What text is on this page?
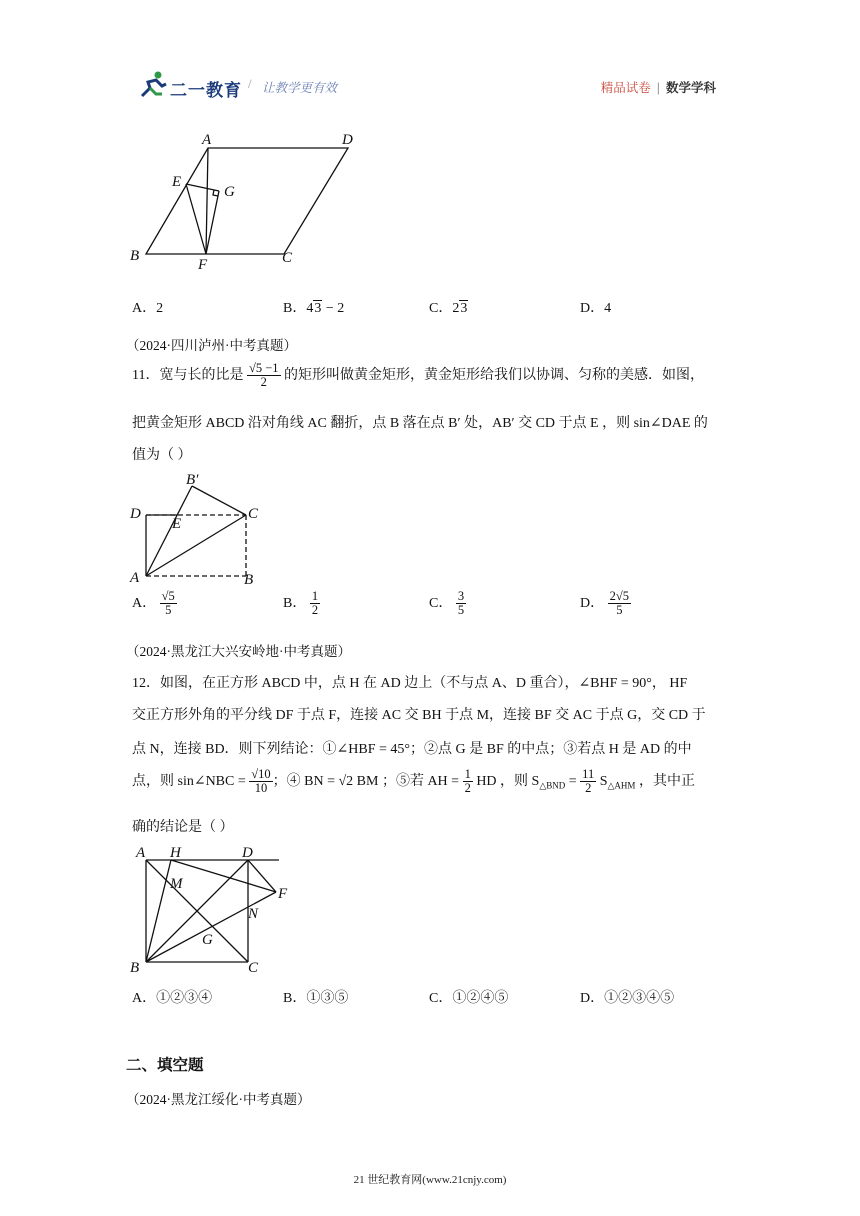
二一教育 / 让教学更有效	精品试卷 | 数学学科
A	D
E
G
B
F	C
A．2	B．43 − 2	C．23	D．4
（2024·四川泸州·中考真题）
11．宽与长的比是 $\frac{√5 -1}{2}$ 的矩形叫做黄金矩形，黄金矩形给我们以协调、匀称的美感．如图，
把黄金矩形 ABCD 沿对角线 AC 翻折，点 B 落在点 B′ 处，AB′ 交 CD 于点 E ，则 sin∠DAE 的
值为（ ）
B′
D
E
C
A	B
A． $\frac{√5}{5}$	B． $\frac{1}{2}$	C． $\frac{3}{5}$	D． $\frac{2√5}{5}$
（2024·黑龙江大兴安岭地·中考真题）
12．如图，在正方形 ABCD 中，点 H 在 AD 边上（不与点 A、D 重合），∠BHF = 90°， HF
交正方形外角的平分线 DF 于点 F，连接 AC 交 BH 于点 M，连接 BF 交 AC 于点 G，交 CD 于
点 N，连接 BD．则下列结论：①∠HBF = 45°；②点 G 是 BF 的中点；③若点 H 是 AD 的中
点，则 sin∠NBC = $\frac{√10}{10}$ ；④ BN = √2 BM ；⑤若 AH = $\frac{1}{2}$ HD ，则 $S_{\triangle BND} = \frac{11}{2} S_{\triangle AHM}$ ，其中正
确的结论是（ ）
A H	D
M
F
N
G
B	C
A．①②③④	B．①③⑤	C．①②④⑤	D．①②③④⑤
二、填空题
（2024·黑龙江绥化·中考真题）
21 世纪教育网(www.21cnjy.com)
